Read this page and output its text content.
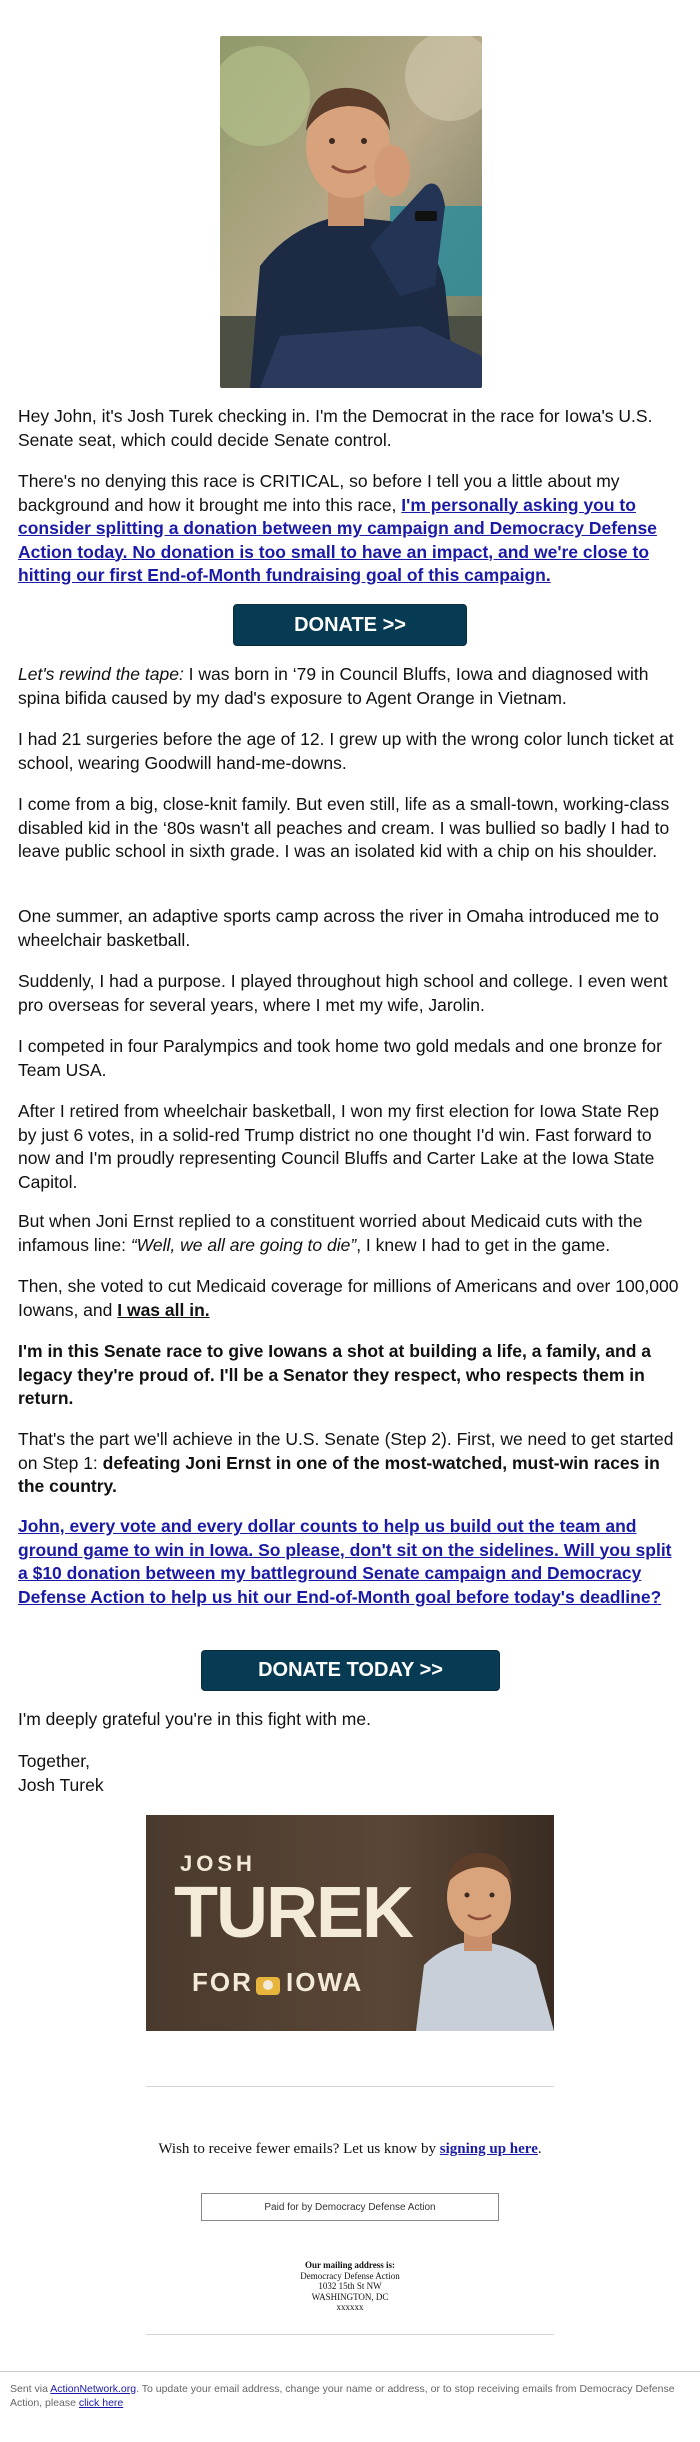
Hey John, it's Josh Turek checking in. I'm the Democrat in the race for Iowa's U.S. Senate seat, which could decide Senate control.

There's no denying this race is CRITICAL, so before I tell you a little about my background and how it brought me into this race, I'm personally asking you to consider splitting a donation between my campaign and Democracy Defense Action today. No donation is too small to have an impact, and we're close to hitting our first End-of-Month fundraising goal of this campaign.

DONATE >>

Let's rewind the tape: I was born in ‘79 in Council Bluffs, Iowa and diagnosed with spina bifida caused by my dad's exposure to Agent Orange in Vietnam.

I had 21 surgeries before the age of 12. I grew up with the wrong color lunch ticket at school, wearing Goodwill hand-me-downs.

I come from a big, close-knit family. But even still, life as a small-town, working-class disabled kid in the ‘80s wasn't all peaches and cream. I was bullied so badly I had to leave public school in sixth grade. I was an isolated kid with a chip on his shoulder.

One summer, an adaptive sports camp across the river in Omaha introduced me to wheelchair basketball.

Suddenly, I had a purpose. I played throughout high school and college. I even went pro overseas for several years, where I met my wife, Jarolin.

I competed in four Paralympics and took home two gold medals and one bronze for Team USA.

After I retired from wheelchair basketball, I won my first election for Iowa State Rep by just 6 votes, in a solid-red Trump district no one thought I'd win. Fast forward to now and I'm proudly representing Council Bluffs and Carter Lake at the Iowa State Capitol.

But when Joni Ernst replied to a constituent worried about Medicaid cuts with the infamous line: “Well, we all are going to die”, I knew I had to get in the game.

Then, she voted to cut Medicaid coverage for millions of Americans and over 100,000 Iowans, and I was all in.

I'm in this Senate race to give Iowans a shot at building a life, a family, and a legacy they're proud of. I'll be a Senator they respect, who respects them in return.

That's the part we'll achieve in the U.S. Senate (Step 2). First, we need to get started on Step 1: defeating Joni Ernst in one of the most-watched, must-win races in the country.

John, every vote and every dollar counts to help us build out the team and ground game to win in Iowa. So please, don't sit on the sidelines. Will you split a $10 donation between my battleground Senate campaign and Democracy Defense Action to help us hit our End-of-Month goal before today's deadline?

DONATE TODAY >>

I'm deeply grateful you're in this fight with me.

Together,

Josh Turek

JOSH
TUREK
FOR IOWA
Wish to receive fewer emails? Let us know by signing up here.
Paid for by Democracy Defense Action
Our mailing address is:
Democracy Defense Action
1032 15th St NW
WASHINGTON, DC
xxxxxx
Sent via ActionNetwork.org. To update your email address, change your name or address, or to stop receiving emails from Democracy Defense Action, please click here
